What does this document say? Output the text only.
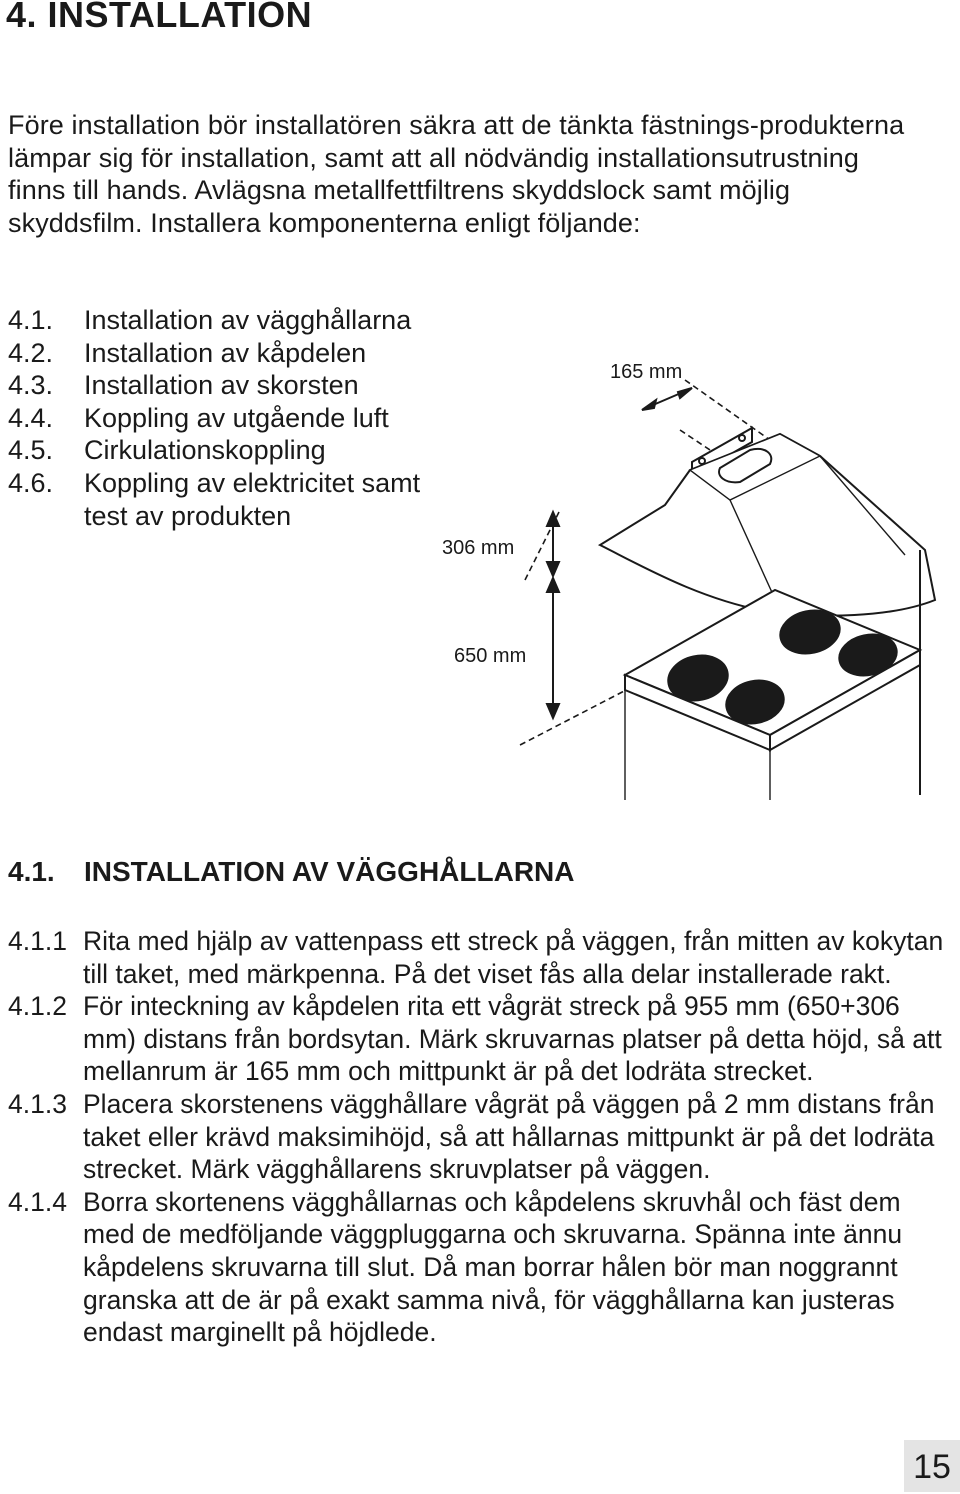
4. INSTALLATION

Före installation bör installatören säkra att de tänkta fästnings-produkterna lämpar sig för installation, samt att all nödvändig installationsutrustning finns till hands. Avlägsna metallfettfiltrens skyddslock samt möjlig skyddsfilm. Installera komponenterna enligt följande:

4.1.	Installation av vägghållarna
4.2.	Installation av kåpdelen
4.3.	Installation av skorsten
4.4.	Koppling av utgående luft
4.5.	Cirkulationskoppling
4.6.	Koppling av elektricitet samt test av produkten
165 mm
306 mm
650 mm
4.1.	INSTALLATION AV VÄGGHÅLLARNA
4.1.1 Rita med hjälp av vattenpass ett streck på väggen, från mitten av kokytan till taket, med märkpenna. På det viset fås alla delar installerade rakt.
4.1.2 För inteckning av kåpdelen rita ett vågrät streck på 955 mm (650+306 mm) distans från bordsytan. Märk skruvarnas platser på detta höjd, så att mellanrum är 165 mm och mittpunkt är på det lodräta strecket.
4.1.3 Placera skorstenens vägghållare vågrät på väggen på 2 mm distans från taket eller krävd maksimihöjd, så att hållarnas mittpunkt är på det lodräta strecket. Märk vägghållarens skruvplatser på väggen.
4.1.4 Borra skortenens vägghållarnas och kåpdelens skruvhål och fäst dem med de medföljande väggpluggarna och skruvarna. Spänna inte ännu kåpdelens skruvarna till slut. Då man borrar hålen bör man noggrannt granska att de är på exakt samma nivå, för vägghållarna kan justeras endast marginellt på höjdlede.
15
